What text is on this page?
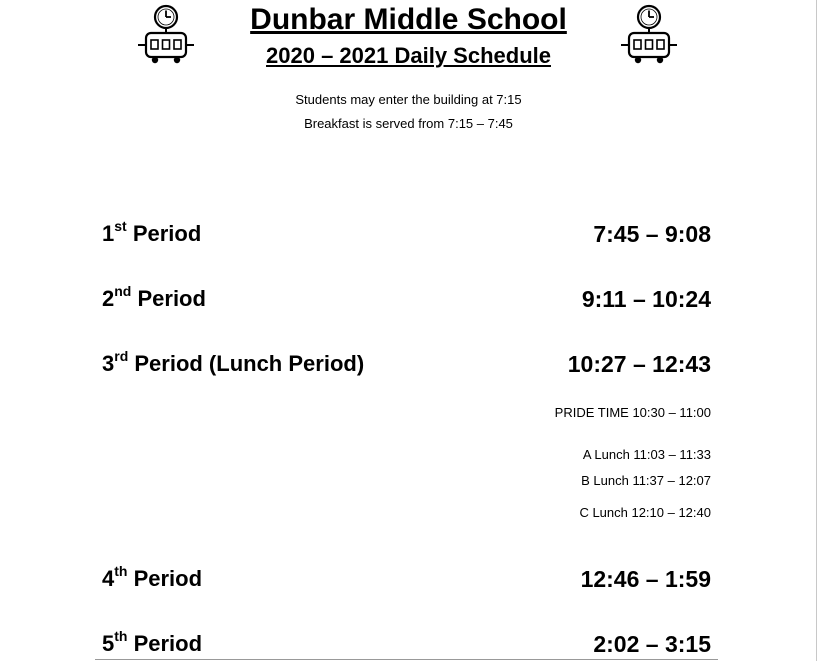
Dunbar Middle School
2020 – 2021 Daily Schedule
Students may enter the building at 7:15
Breakfast is served from 7:15 – 7:45
1st Period	7:45 – 9:08
2nd Period	9:11 – 10:24
3rd Period (Lunch Period)	10:27 – 12:43
PRIDE TIME 10:30 – 11:00
A Lunch 11:03 – 11:33
B Lunch 11:37 – 12:07
C Lunch 12:10 – 12:40
4th Period	12:46 – 1:59
5th Period	2:02 – 3:15
